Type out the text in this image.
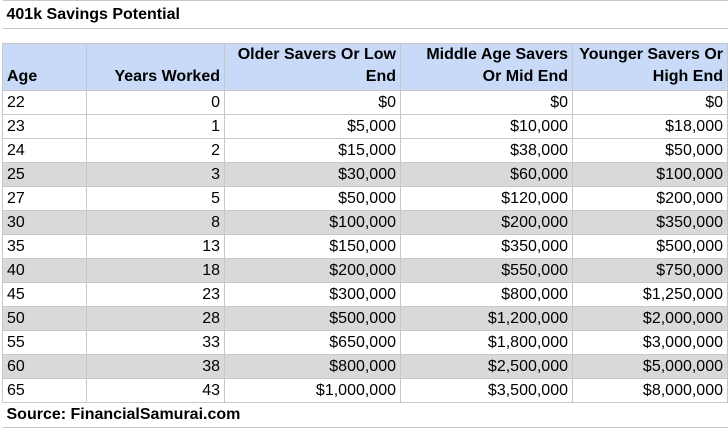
401k Savings Potential				

Age	Years Worked	Older Savers Or Low End	Middle Age Savers Or Mid End	Younger Savers Or High End
22	0	$0	$0	$0
23	1	$5,000	$10,000	$18,000
24	2	$15,000	$38,000	$50,000
25	3	$30,000	$60,000	$100,000
27	5	$50,000	$120,000	$200,000
30	8	$100,000	$200,000	$350,000
35	13	$150,000	$350,000	$500,000
40	18	$200,000	$550,000	$750,000
45	23	$300,000	$800,000	$1,250,000
50	28	$500,000	$1,200,000	$2,000,000
55	33	$650,000	$1,800,000	$3,000,000
60	38	$800,000	$2,500,000	$5,000,000
65	43	$1,000,000	$3,500,000	$8,000,000
Source: FinancialSamurai.com				
